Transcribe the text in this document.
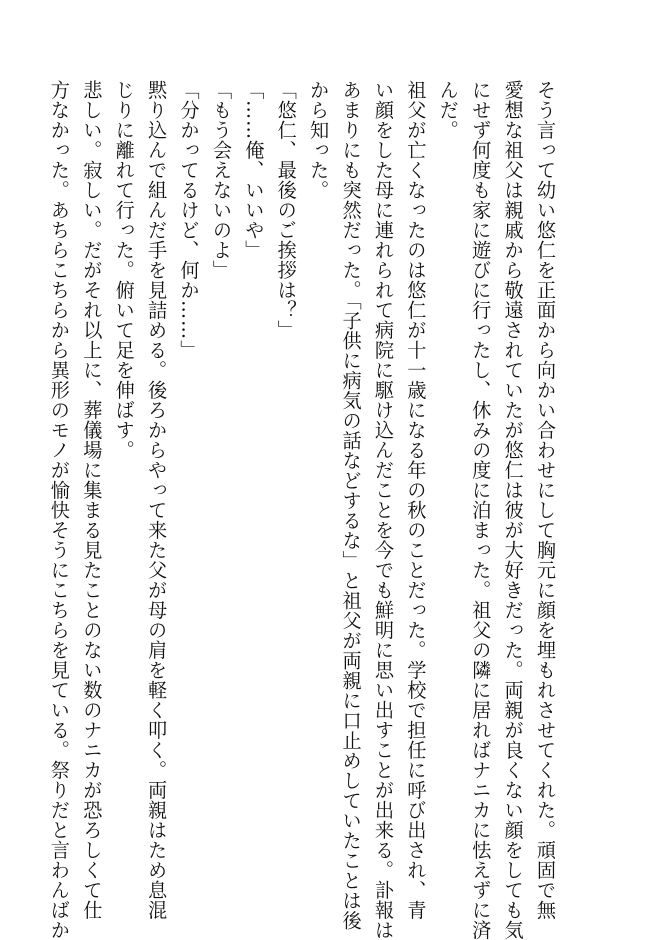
そう言って幼い悠仁を正面から向かい合わせにして胸元に顔を埋もれさせてくれた。頑固で無
愛想な祖父は親戚から敬遠されていたが悠仁は彼が大好きだった。両親が良くない顔をしても気
にせず何度も家に遊びに行ったし、休みの度に泊まった。祖父の隣に居ればナニカに怯えずに済
んだ。
祖父が亡くなったのは悠仁が十一歳になる年の秋のことだった。学校で担任に呼び出され、青
い顔をした母に連れられて病院に駆け込んだことを今でも鮮明に思い出すことが出来る。訃報は
あまりにも突然だった。「子供に病気の話などするな」と祖父が両親に口止めしていたことは後
から知った。
「悠仁、最後のご挨拶は？」
「……俺、いいや」
「もう会えないのよ」
「分かってるけど、何か……」
黙り込んで組んだ手を見詰める。後ろからやって来た父が母の肩を軽く叩く。両親はため息混
じりに離れて行った。俯いて足を伸ばす。
悲しい。寂しい。だがそれ以上に、葬儀場に集まる見たことのない数のナニカが恐ろしくて仕
方なかった。あちらこちらから異形のモノが愉快そうにこちらを見ている。祭りだと言わんばか
